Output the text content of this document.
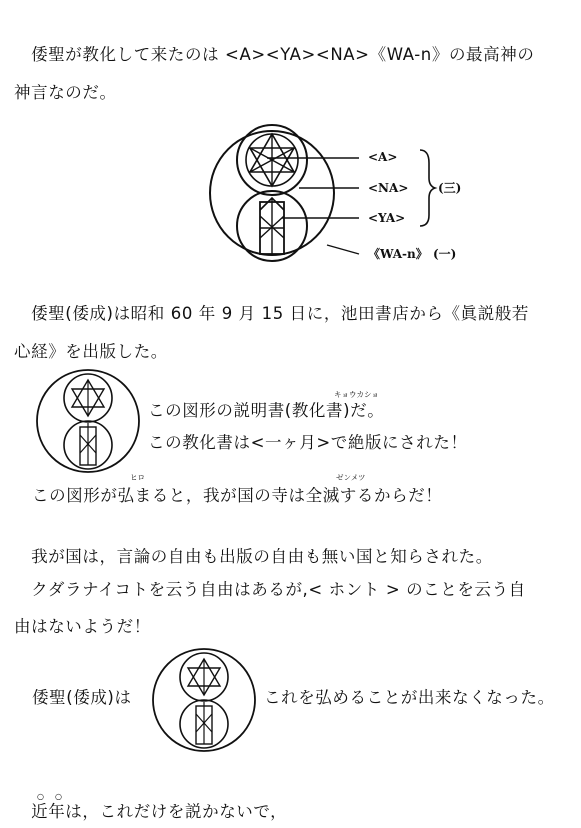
　倭聖が教化して来たのは <A><YA><NA>《WA-n》の最高神の
神言なのだ。
<A>
<NA>
<YA>
《WA-n》
(三)
(一)
　倭聖(倭成)は昭和 60 年 9 月 15 日に，池田書店から《眞説般若
心経》を出版した。
キョウカショ
この図形の説明書(教化書)だ。
この教化書は<一ヶ月>で絶版にされた！
ヒロ	ゼンメツ
この図形が弘まると，我が国の寺は全滅するからだ！
　我が国は，言論の自由も出版の自由も無い国と知らされた。
　クダラナイコトを云う自由はあるが,< ホント > のことを云う自
由はないようだ！
倭聖(倭成)は	これを弘めることが出来なくなった。
○ ○
　近年は，これだけを説かないで，
